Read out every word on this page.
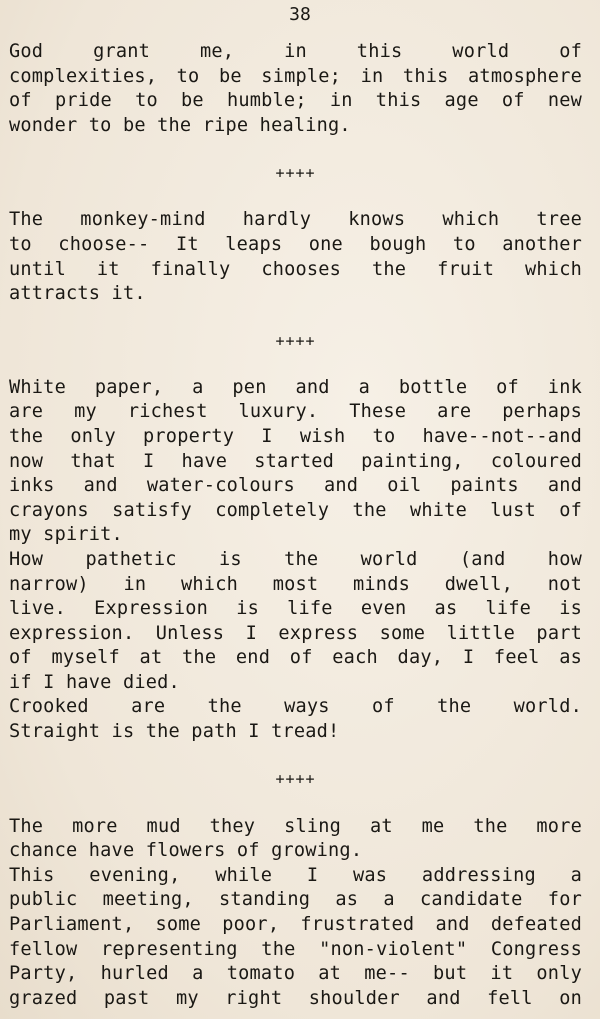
38
God grant me, in this world of
complexities, to be simple; in this atmosphere
of pride to be humble; in this age of new
wonder to be the ripe healing.
++++
The monkey-mind hardly knows which tree
to choose-- It leaps one bough to another
until it finally chooses the fruit which
attracts it.
++++
White paper, a pen and a bottle of ink
are my richest luxury. These are perhaps
the only property I wish to have--not--and
now that I have started painting, coloured
inks and water-colours and oil paints and
crayons satisfy completely the white lust of
my spirit.
How pathetic is the world (and how
narrow) in which most minds dwell, not
live. Expression is life even as life is
expression. Unless I express some little part
of myself at the end of each day, I feel as
if I have died.
Crooked are the ways of the world.
Straight is the path I tread!
++++
The more mud they sling at me the more
chance have flowers of growing.
This evening, while I was addressing a
public meeting, standing as a candidate for
Parliament, some poor, frustrated and defeated
fellow representing the "non-violent" Congress
Party, hurled a tomato at me-- but it only
grazed past my right shoulder and fell on
